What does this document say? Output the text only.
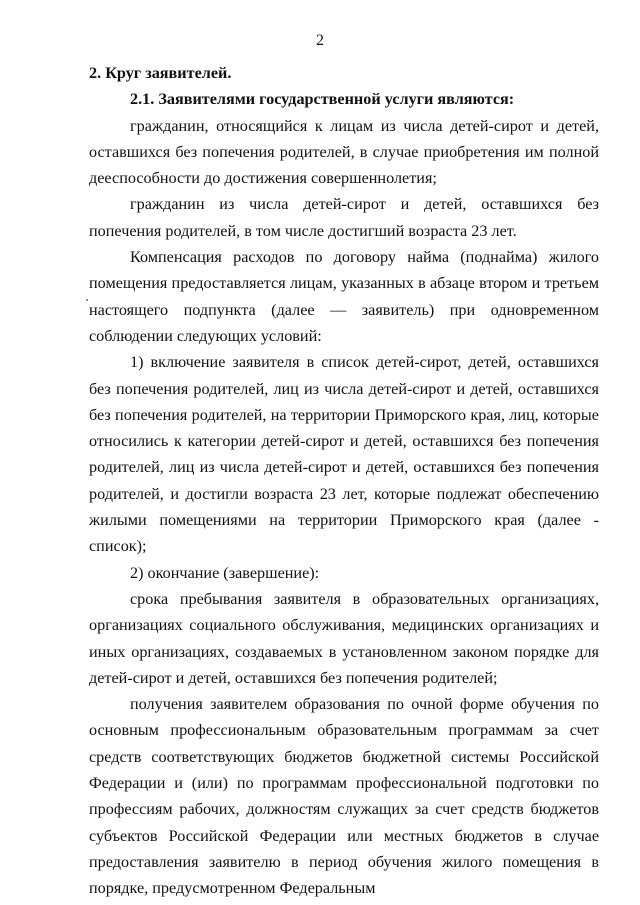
2

2. Круг заявителей.

2.1. Заявителями государственной услуги являются:

гражданин, относящийся к лицам из числа детей-сирот и детей, оставшихся без попечения родителей, в случае приобретения им полной дееспособности до достижения совершеннолетия;

гражданин из числа детей-сирот и детей, оставшихся без попечения родителей, в том числе достигший возраста 23 лет.

Компенсация расходов по договору найма (поднайма) жилого помещения предоставляется лицам, указанных в абзаце втором и третьем настоящего подпункта (далее — заявитель) при одновременном соблюдении следующих условий:

1) включение заявителя в список детей-сирот, детей, оставшихся без попечения родителей, лиц из числа детей-сирот и детей, оставшихся без попечения родителей, на территории Приморского края, лиц, которые относились к категории детей-сирот и детей, оставшихся без попечения родителей, лиц из числа детей-сирот и детей, оставшихся без попечения родителей, и достигли возраста 23 лет, которые подлежат обеспечению жилыми помещениями на территории Приморского края (далее - список);

2) окончание (завершение):

срока пребывания заявителя в образовательных организациях, организациях социального обслуживания, медицинских организациях и иных организациях, создаваемых в установленном законом порядке для детей-сирот и детей, оставшихся без попечения родителей;

получения заявителем образования по очной форме обучения по основным профессиональным образовательным программам за счет средств соответствующих бюджетов бюджетной системы Российской Федерации и (или) по программам профессиональной подготовки по профессиям рабочих, должностям служащих за счет средств бюджетов субъектов Российской Федерации или местных бюджетов в случае предоставления заявителю в период обучения жилого помещения в порядке, предусмотренном Федеральным
